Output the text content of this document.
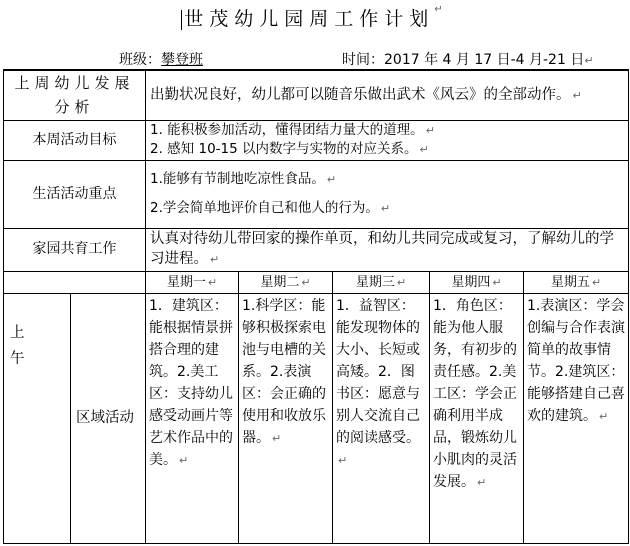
世茂幼儿园周工作计划↵
班级：攀登班	时间：2017 年 4 月 17 日-4 月-21 日↵
上周幼儿发展分析		出勤状况良好，幼儿都可以随音乐做出武术《风云》的全部动作。 ↵				
本周活动目标		1. 能积极参加活动，懂得团结力量大的道理。 ↵
2. 感知 10-15 以内数字与实物的对应关系。 ↵				

生活活动重点		1.能够有节制地吃凉性食品。 ↵
2.学会简单地评价自己和他人的行为。 ↵				

家园共育工作		认真对待幼儿带回家的操作单页，和幼儿共同完成或复习，了解幼儿的学习进程。 ↵				
		星期一 ↵	星期二 ↵	星期三 ↵	星期四 ↵	星期五 ↵

上午	区域活动	1．建筑区：能根据情景拼搭合理的建筑。2.美工区：支持幼儿感受动画片等艺术作品中的美。 ↵	1.科学区：能够积极探索电池与电槽的关系。2.表演区：会正确的使用和收放乐器。 ↵	1．益智区：能发现物体的大小、长短或高矮。2．图书区：愿意与别人交流自己的阅读感受。↵	1．角色区：能为他人服务，有初步的责任感。2.美工区：学会正确利用半成品，锻炼幼儿小肌肉的灵活发展。 ↵	1.表演区：学会创编与合作表演简单的故事情节。2.建筑区：能够搭建自己喜欢的建筑。 ↵
